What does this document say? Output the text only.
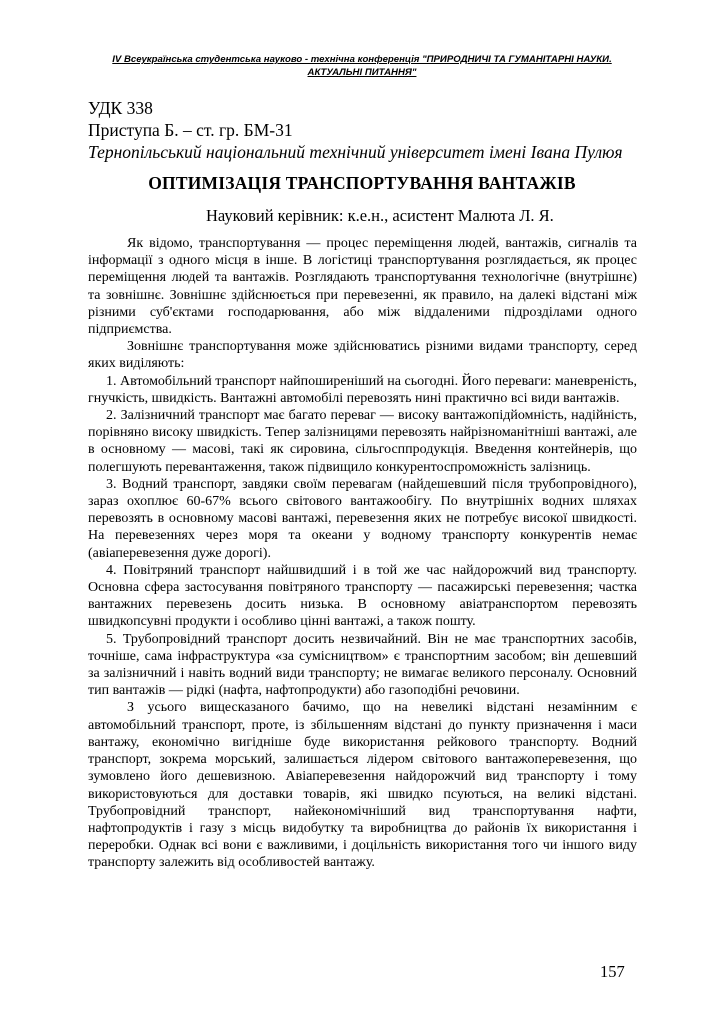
IV Всеукраїнська студентська науково - технічна конференція "ПРИРОДНИЧІ ТА ГУМАНІТАРНІ НАУКИ.
АКТУАЛЬНІ ПИТАННЯ"
УДК 338
Приступа Б. – ст. гр. БМ-31
Тернопільський національний технічний університет імені Івана Пулюя
ОПТИМІЗАЦІЯ ТРАНСПОРТУВАННЯ ВАНТАЖІВ
Науковий керівник: к.е.н., асистент Малюта Л. Я.

Як відомо, транспортування — процес переміщення людей, вантажів, сигналів та інформації з одного місця в інше. В логістиці транспортування розглядається, як процес переміщення людей та вантажів. Розглядають транспортування технологічне (внутрішнє) та зовнішнє. Зовнішнє здійснюється при перевезенні, як правило, на далекі відстані між різними суб'єктами господарювання, або між віддаленими підрозділами одного підприємства.

Зовнішнє транспортування може здійснюватись різними видами транспорту, серед яких виділяють:

1. Автомобільний транспорт найпоширеніший на сьогодні. Його переваги: маневреність, гнучкість, швидкість. Вантажні автомобілі перевозять нині практично всі види вантажів.

2. Залізничний транспорт має багато переваг — високу вантажопідйомність, надійність, порівняно високу швидкість. Тепер залізницями перевозять найрізноманітніші вантажі, але в основному — масові, такі як сировина, сільгосппродукція. Введення контейнерів, що полегшують перевантаження, також підвищило конкурентоспроможність залізниць.

3. Водний транспорт, завдяки своїм перевагам (найдешевший після трубопровідного), зараз охоплює 60-67% всього світового вантажообігу. По внутрішніх водних шляхах перевозять в основному масові вантажі, перевезення яких не потребує високої швидкості. На перевезеннях через моря та океани у водному транспорту конкурентів немає (авіаперевезення дуже дорогі).

4. Повітряний транспорт найшвидший і в той же час найдорожчий вид транспорту. Основна сфера застосування повітряного транспорту — пасажирські перевезення; частка вантажних перевезень досить низька. В основному авіатранспортом перевозять швидкопсувні продукти і особливо цінні вантажі, а також пошту.

5. Трубопровідний транспорт досить незвичайний. Він не має транспортних засобів, точніше, сама інфраструктура «за сумісництвом» є транспортним засобом; він дешевший за залізничний і навіть водний види транспорту; не вимагає великого персоналу. Основний тип вантажів — рідкі (нафта, нафтопродукти) або газоподібні речовини.

З усього вищесказаного бачимо, що на невеликі відстані незамінним є автомобільний транспорт, проте, із збільшенням відстані до пункту призначення і маси вантажу, економічно вигідніше буде використання рейкового транспорту. Водний транспорт, зокрема морський, залишається лідером світового вантажоперевезення, що зумовлено його дешевизною. Авіаперевезення найдорожчий вид транспорту і тому використовуються для доставки товарів, які швидко псуються, на великі відстані. Трубопровідний транспорт, найекономічніший вид транспортування нафти, нафтопродуктів і газу з місць видобутку та виробництва до районів їх використання і переробки. Однак всі вони є важливими, і доцільність використання того чи іншого виду транспорту залежить від особливостей вантажу.

157
